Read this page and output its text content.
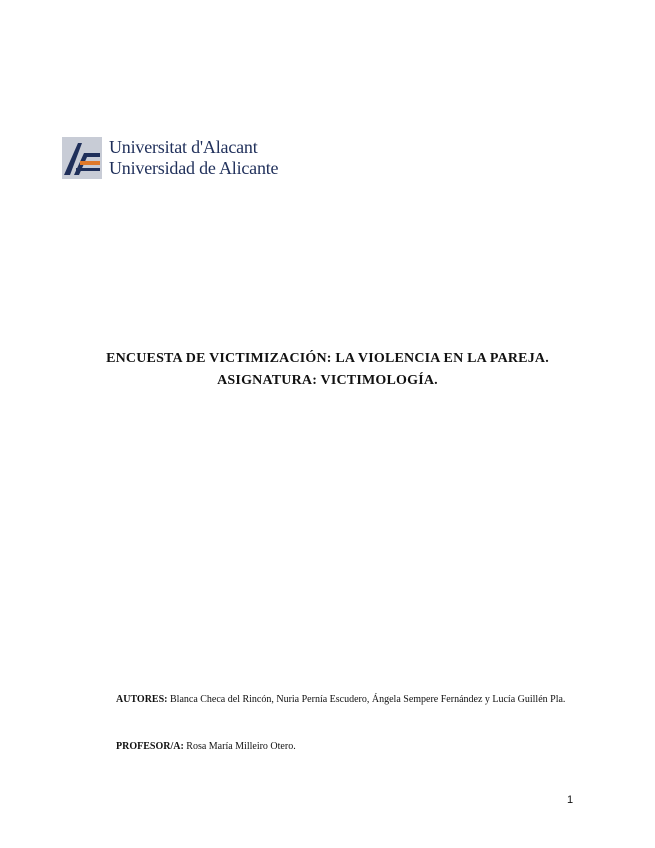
Universitat d'Alacant
Universidad de Alicante
ENCUESTA DE VICTIMIZACIÓN: LA VIOLENCIA EN LA PAREJA.
ASIGNATURA: VICTIMOLOGÍA.
AUTORES: Blanca Checa del Rincón, Nuria Pernía Escudero, Ángela Sempere Fernández y Lucía Guillén Pla.
PROFESOR/A: Rosa María Milleiro Otero.
1
